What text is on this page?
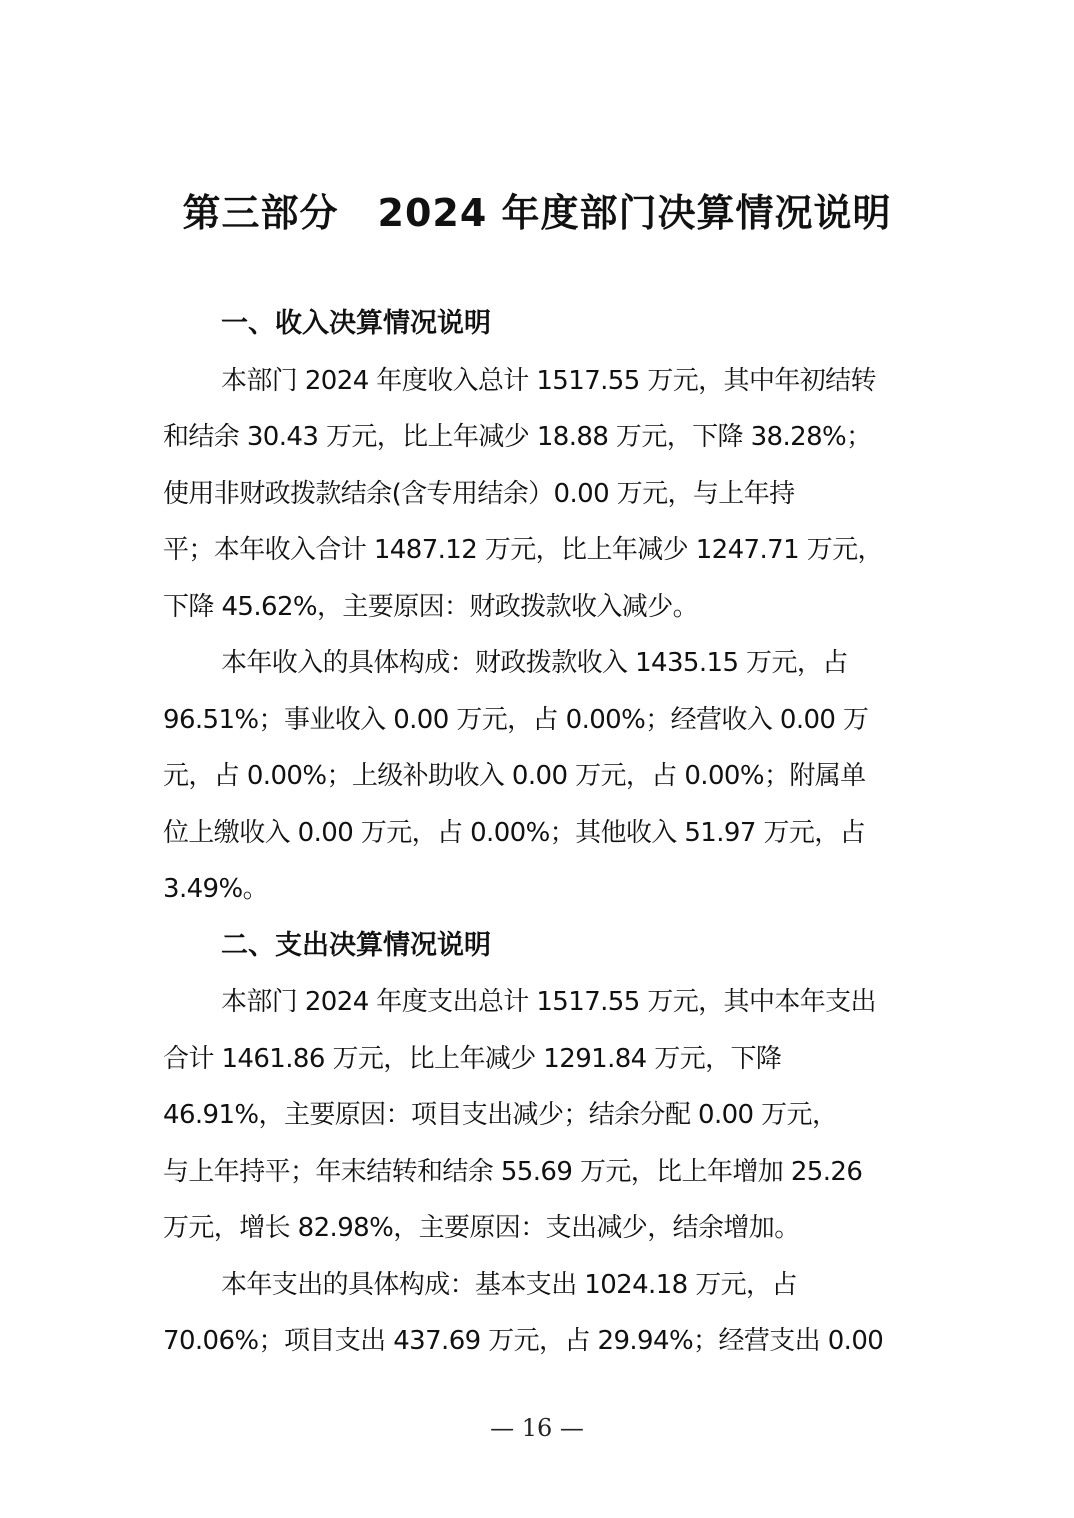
第三部分　2024 年度部门决算情况说明

一、收入决算情况说明

本部门 2024 年度收入总计 1517.55 万元，其中年初结转
和结余 30.43 万元，比上年减少 18.88 万元，下降 38.28%；
使用非财政拨款结余(含专用结余）0.00 万元，与上年持
平；本年收入合计 1487.12 万元，比上年减少 1247.71 万元，
下降 45.62%，主要原因：财政拨款收入减少。

本年收入的具体构成：财政拨款收入 1435.15 万元，占
96.51%；事业收入 0.00 万元，占 0.00%；经营收入 0.00 万
元，占 0.00%；上级补助收入 0.00 万元，占 0.00%；附属单
位上缴收入 0.00 万元，占 0.00%；其他收入 51.97 万元，占
3.49%。

二、支出决算情况说明

本部门 2024 年度支出总计 1517.55 万元，其中本年支出
合计 1461.86 万元，比上年减少 1291.84 万元，下降
46.91%，主要原因：项目支出减少；结余分配 0.00 万元，
与上年持平；年末结转和结余 55.69 万元，比上年增加 25.26
万元，增长 82.98%，主要原因：支出减少，结余增加。

本年支出的具体构成：基本支出 1024.18 万元，占
70.06%；项目支出 437.69 万元，占 29.94%；经营支出 0.00

— 16 —
